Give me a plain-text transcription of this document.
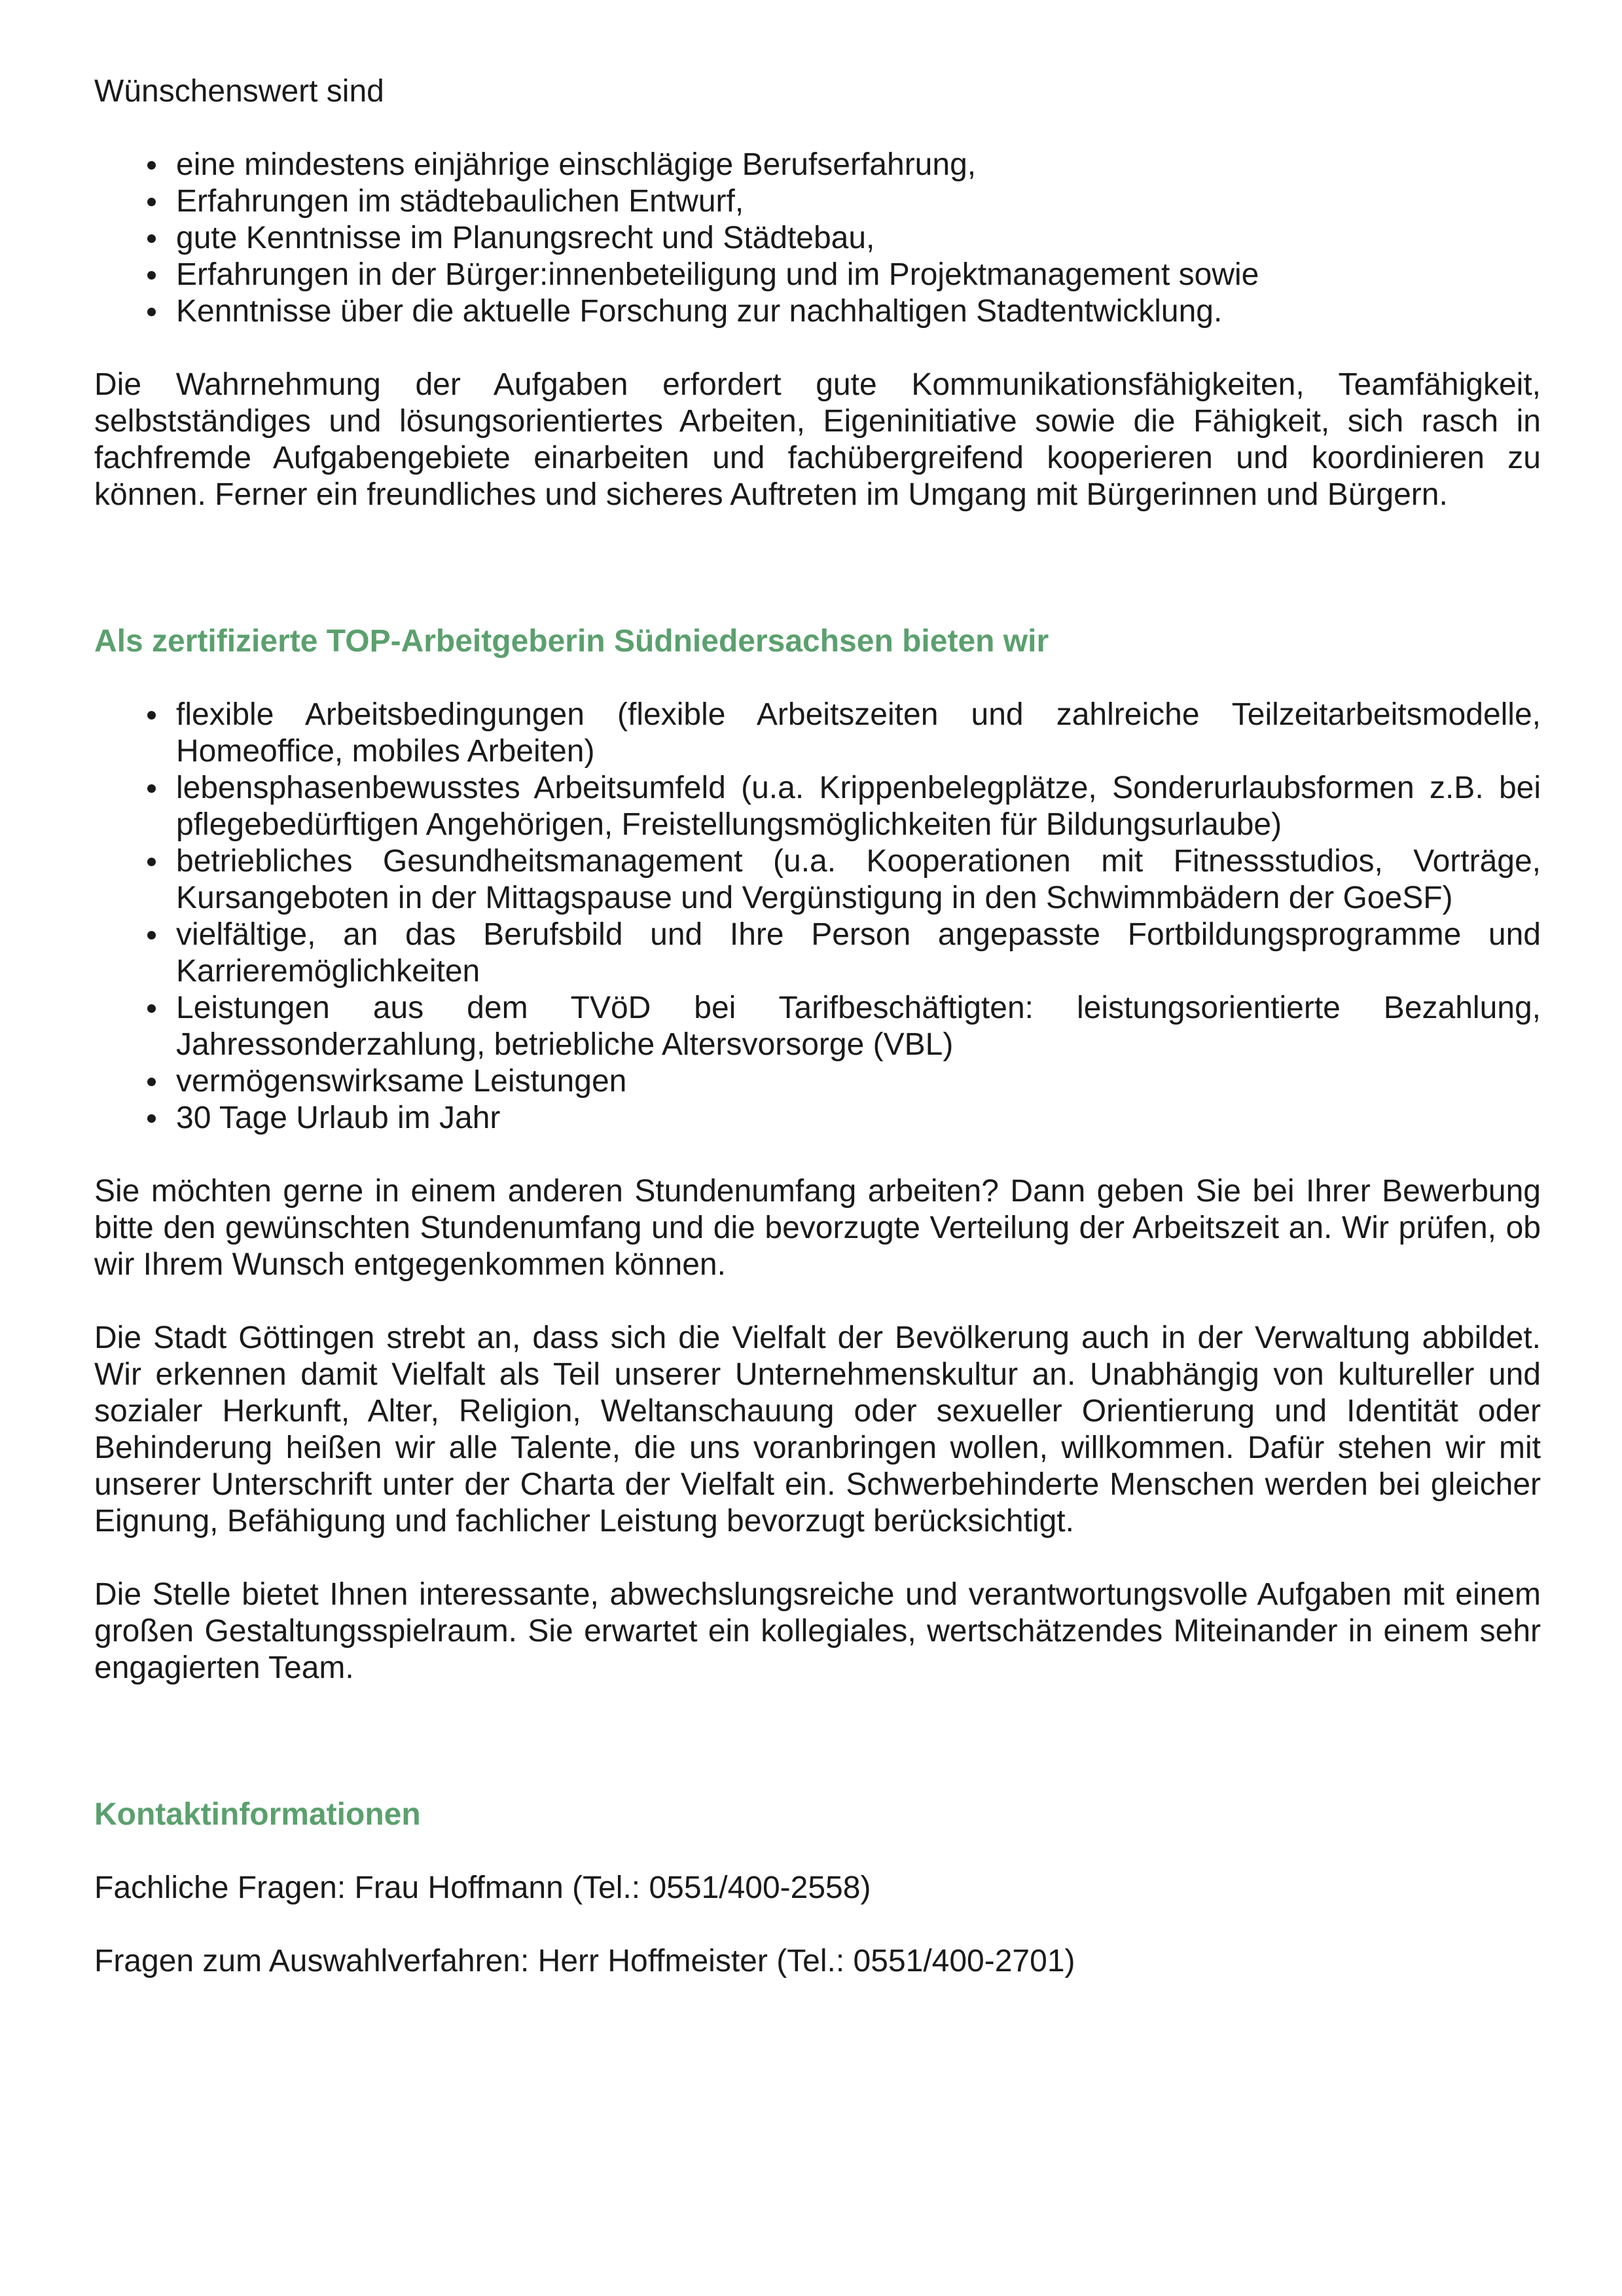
Wünschenswert sind

eine mindestens einjährige einschlägige Berufserfahrung,
Erfahrungen im städtebaulichen Entwurf,
gute Kenntnisse im Planungsrecht und Städtebau,
Erfahrungen in der Bürger:innenbeteiligung und im Projektmanagement sowie
Kenntnisse über die aktuelle Forschung zur nachhaltigen Stadtentwicklung.

Die Wahrnehmung der Aufgaben erfordert gute Kommunikationsfähigkeiten, Teamfähigkeit, selbstständiges und lösungsorientiertes Arbeiten, Eigeninitiative sowie die Fähigkeit, sich rasch in fachfremde Aufgabengebiete einarbeiten und fachübergreifend kooperieren und koordinieren zu können. Ferner ein freundliches und sicheres Auftreten im Umgang mit Bürgerinnen und Bürgern.

Als zertifizierte TOP-Arbeitgeberin Südniedersachsen bieten wir
flexible Arbeitsbedingungen (flexible Arbeitszeiten und zahlreiche Teilzeitarbeitsmodelle, Homeoffice, mobiles Arbeiten)
lebensphasenbewusstes Arbeitsumfeld (u.a. Krippenbelegplätze, Sonderurlaubsformen z.B. bei pflegebedürftigen Angehörigen, Freistellungsmöglichkeiten für Bildungsurlaube)
betriebliches Gesundheitsmanagement (u.a. Kooperationen mit Fitnessstudios, Vorträge, Kursangeboten in der Mittagspause und Vergünstigung in den Schwimmbädern der GoeSF)
vielfältige, an das Berufsbild und Ihre Person angepasste Fortbildungsprogramme und Karrieremöglichkeiten
Leistungen aus dem TVöD bei Tarifbeschäftigten: leistungsorientierte Bezahlung, Jahressonderzahlung, betriebliche Altersvorsorge (VBL)
vermögenswirksame Leistungen
30 Tage Urlaub im Jahr

Sie möchten gerne in einem anderen Stundenumfang arbeiten? Dann geben Sie bei Ihrer Bewerbung bitte den gewünschten Stundenumfang und die bevorzugte Verteilung der Arbeitszeit an. Wir prüfen, ob wir Ihrem Wunsch entgegenkommen können.

Die Stadt Göttingen strebt an, dass sich die Vielfalt der Bevölkerung auch in der Verwaltung abbildet. Wir erkennen damit Vielfalt als Teil unserer Unternehmenskultur an. Unabhängig von kultureller und sozialer Herkunft, Alter, Religion, Weltanschauung oder sexueller Orientierung und Identität oder Behinderung heißen wir alle Talente, die uns voranbringen wollen, willkommen. Dafür stehen wir mit unserer Unterschrift unter der Charta der Vielfalt ein. Schwerbehinderte Menschen werden bei gleicher Eignung, Befähigung und fachlicher Leistung bevorzugt berücksichtigt.

Die Stelle bietet Ihnen interessante, abwechslungsreiche und verantwortungsvolle Aufgaben mit einem großen Gestaltungsspielraum. Sie erwartet ein kollegiales, wertschätzendes Miteinander in einem sehr engagierten Team.

Kontaktinformationen

Fachliche Fragen: Frau Hoffmann (Tel.: 0551/400-2558)

Fragen zum Auswahlverfahren: Herr Hoffmeister (Tel.: 0551/400-2701)
